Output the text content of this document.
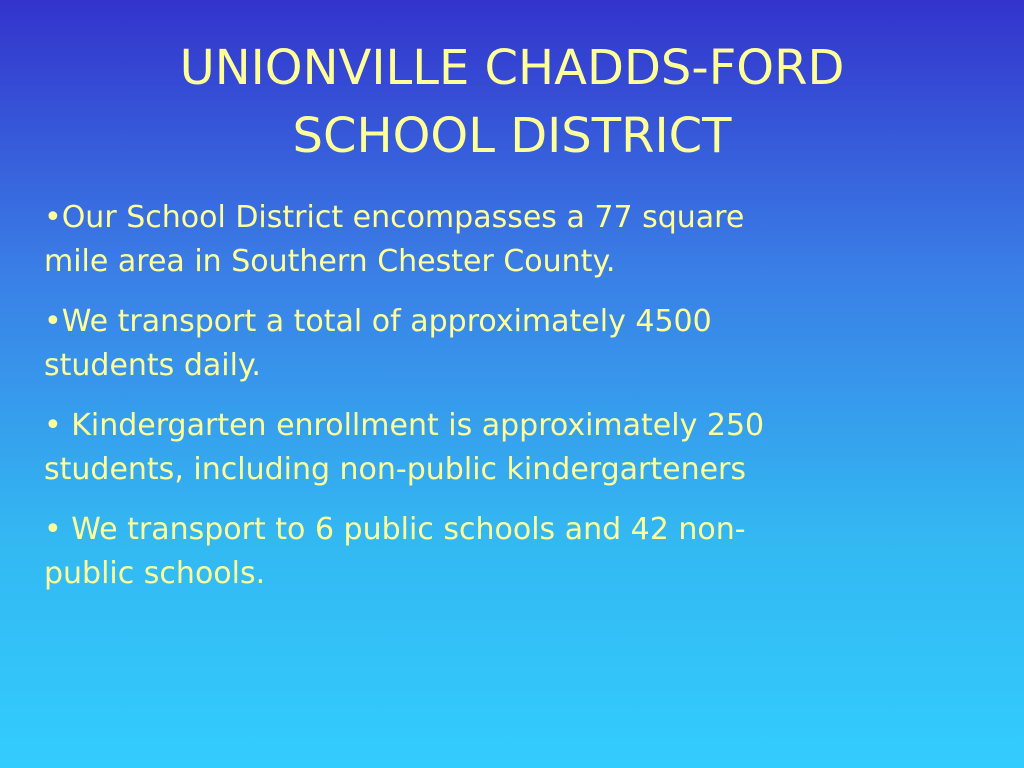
UNIONVILLE CHADDS-FORD
SCHOOL DISTRICT
•Our School District encompasses a 77 square
mile area in Southern Chester County.
•We transport a total of approximately 4500
students daily.
• Kindergarten enrollment is approximately 250
students, including non-public kindergarteners
• We transport to 6 public schools and 42 non-
public schools.
